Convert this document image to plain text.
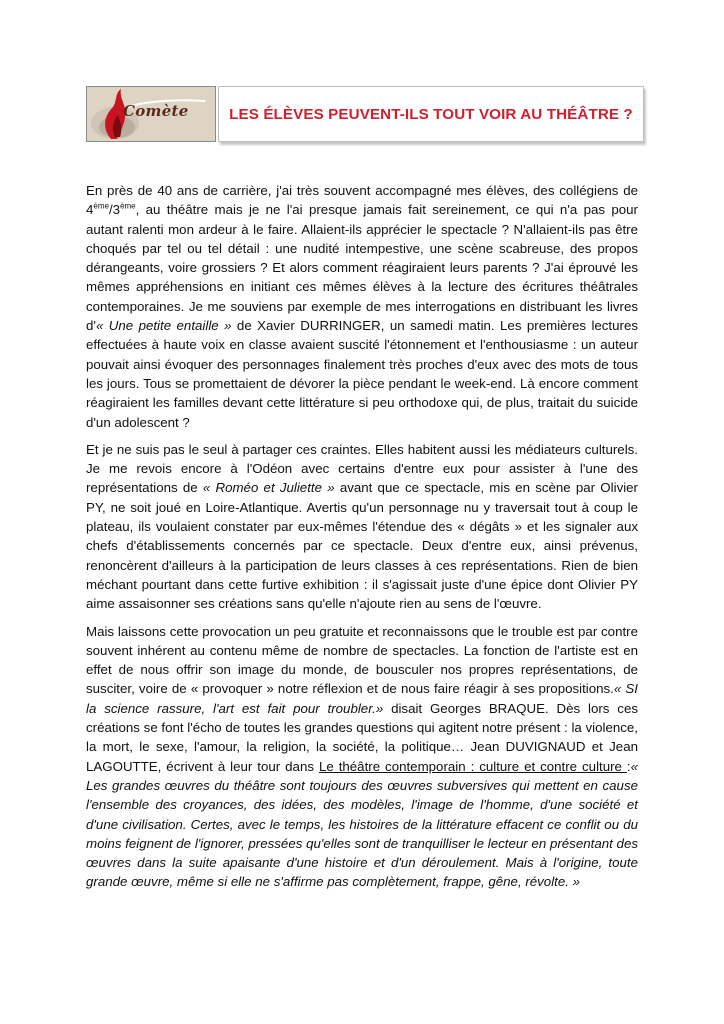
Comète	LES ÉLÈVES PEUVENT-ILS TOUT VOIR AU THÉÂTRE ?

En près de 40 ans de carrière, j'ai très souvent accompagné mes élèves, des collégiens de 4ème/3ème, au théâtre mais je ne l'ai presque jamais fait sereinement, ce qui n'a pas pour autant ralenti mon ardeur à le faire. Allaient-ils apprécier le spectacle ? N'allaient-ils pas être choqués par tel ou tel détail : une nudité intempestive, une scène scabreuse, des propos dérangeants, voire grossiers ? Et alors comment réagiraient leurs parents ? J'ai éprouvé les mêmes appréhensions en initiant ces mêmes élèves à la lecture des écritures théâtrales contemporaines. Je me souviens par exemple de mes interrogations en distribuant les livres d'« Une petite entaille » de Xavier DURRINGER, un samedi matin. Les premières lectures effectuées à haute voix en classe avaient suscité l'étonnement et l'enthousiasme : un auteur pouvait ainsi évoquer des personnages finalement très proches d'eux avec des mots de tous les jours. Tous se promettaient de dévorer la pièce pendant le week-end. Là encore comment réagiraient les familles devant cette littérature si peu orthodoxe qui, de plus, traitait du suicide d'un adolescent ?

Et je ne suis pas le seul à partager ces craintes. Elles habitent aussi les médiateurs culturels. Je me revois encore à l'Odéon avec certains d'entre eux pour assister à l'une des représentations de « Roméo et Juliette » avant que ce spectacle, mis en scène par Olivier PY, ne soit joué en Loire-Atlantique. Avertis qu'un personnage nu y traversait tout à coup le plateau, ils voulaient constater par eux-mêmes l'étendue des « dégâts » et les signaler aux chefs d'établissements concernés par ce spectacle. Deux d'entre eux, ainsi prévenus, renoncèrent d'ailleurs à la participation de leurs classes à ces représentations. Rien de bien méchant pourtant dans cette furtive exhibition : il s'agissait juste d'une épice dont Olivier PY aime assaisonner ses créations sans qu'elle n'ajoute rien au sens de l'œuvre.

Mais laissons cette provocation un peu gratuite et reconnaissons que le trouble est par contre souvent inhérent au contenu même de nombre de spectacles. La fonction de l'artiste est en effet de nous offrir son image du monde, de bousculer nos propres représentations, de susciter, voire de « provoquer » notre réflexion et de nous faire réagir à ses propositions.« SI la science rassure, l'art est fait pour troubler.» disait Georges BRAQUE. Dès lors ces créations se font l'écho de toutes les grandes questions qui agitent notre présent : la violence, la mort, le sexe, l'amour, la religion, la société, la politique… Jean DUVIGNAUD et Jean LAGOUTTE, écrivent à leur tour dans Le théâtre contemporain : culture et contre culture :« Les grandes œuvres du théâtre sont toujours des œuvres subversives qui mettent en cause l'ensemble des croyances, des idées, des modèles, l'image de l'homme, d'une société et d'une civilisation. Certes, avec le temps, les histoires de la littérature effacent ce conflit ou du moins feignent de l'ignorer, pressées qu'elles sont de tranquilliser le lecteur en présentant des œuvres dans la suite apaisante d'une histoire et d'un déroulement. Mais à l'origine, toute grande œuvre, même si elle ne s'affirme pas complètement, frappe, gêne, révolte. »
